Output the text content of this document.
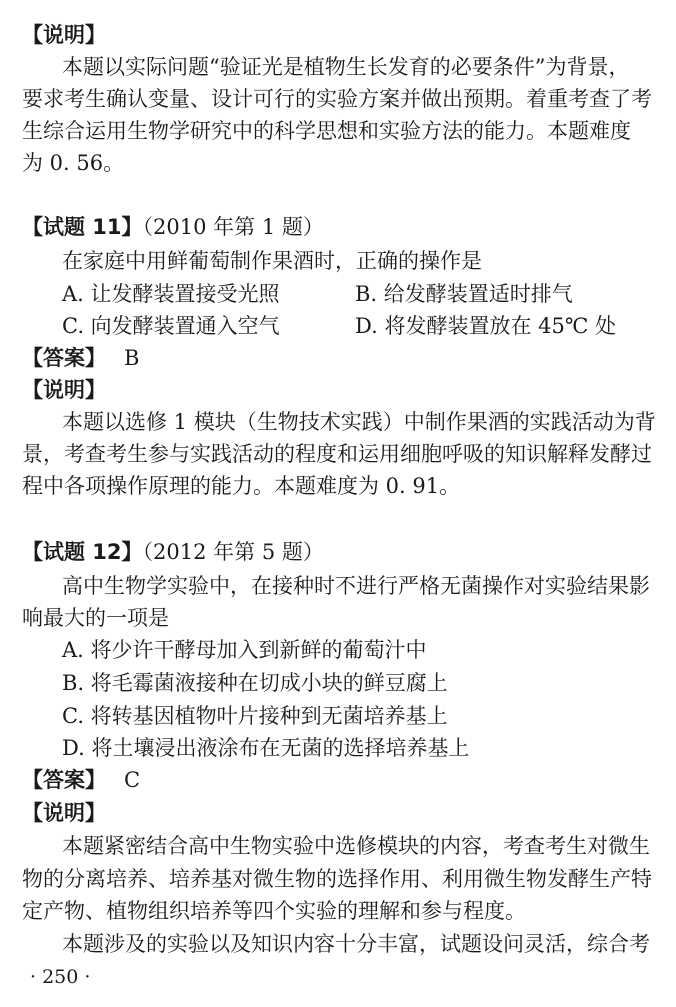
【说明】
本题以实际问题“验证光是植物生长发育的必要条件”为背景，
要求考生确认变量、设计可行的实验方案并做出预期。着重考查了考
生综合运用生物学研究中的科学思想和实验方法的能力。本题难度
为 0. 56。
【试题 11】（2010 年第 1 题）
在家庭中用鲜葡萄制作果酒时，正确的操作是
A. 让发酵装置接受光照	B. 给发酵装置适时排气
C. 向发酵装置通入空气	D. 将发酵装置放在 45℃ 处
【答案】 B
【说明】
本题以选修 1 模块（生物技术实践）中制作果酒的实践活动为背
景，考查考生参与实践活动的程度和运用细胞呼吸的知识解释发酵过
程中各项操作原理的能力。本题难度为 0. 91。
【试题 12】（2012 年第 5 题）
高中生物学实验中，在接种时不进行严格无菌操作对实验结果影
响最大的一项是
A. 将少许干酵母加入到新鲜的葡萄汁中
B. 将毛霉菌液接种在切成小块的鲜豆腐上
C. 将转基因植物叶片接种到无菌培养基上
D. 将土壤浸出液涂布在无菌的选择培养基上
【答案】 C
【说明】
本题紧密结合高中生物实验中选修模块的内容，考查考生对微生
物的分离培养、培养基对微生物的选择作用、利用微生物发酵生产特
定产物、植物组织培养等四个实验的理解和参与程度。
本题涉及的实验以及知识内容十分丰富，试题设问灵活，综合考
· 250 ·
